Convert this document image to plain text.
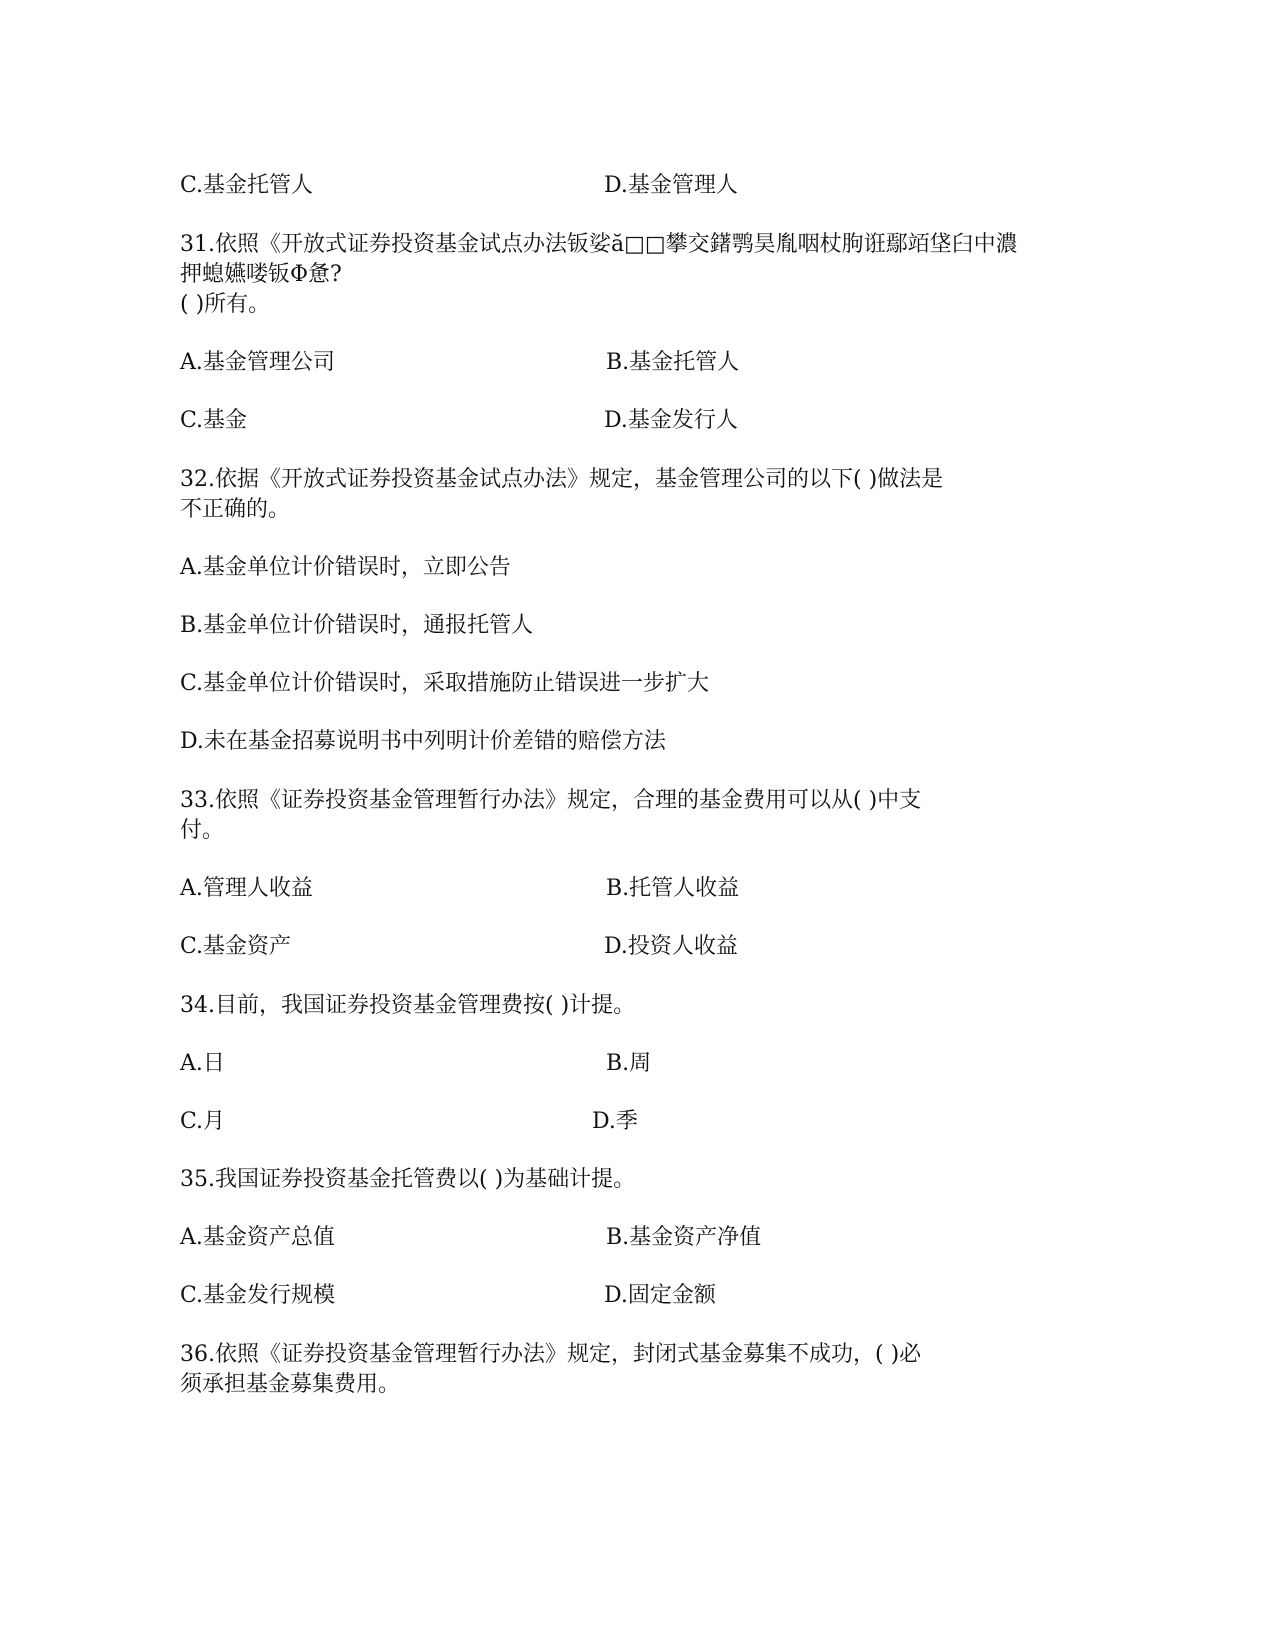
C.基金托管人	D.基金管理人
31.依照《开放式证券投资基金试点办法钣娑ă□□攀交鐯鹗昊胤咽杖朐诳鄢竡垡臼中濃
押螅嬿喽钣Φ惫?
( )所有。
A.基金管理公司	B.基金托管人
C.基金	D.基金发行人
32.依据《开放式证券投资基金试点办法》规定，基金管理公司的以下( )做法是
不正确的。
A.基金单位计价错误时，立即公告
B.基金单位计价错误时，通报托管人
C.基金单位计价错误时，采取措施防止错误进一步扩大
D.未在基金招募说明书中列明计价差错的赔偿方法
33.依照《证券投资基金管理暂行办法》规定，合理的基金费用可以从( )中支
付。
A.管理人收益	B.托管人收益
C.基金资产	D.投资人收益
34.目前，我国证券投资基金管理费按( )计提。
A.日	B.周
C.月	D.季
35.我国证券投资基金托管费以( )为基础计提。
A.基金资产总值	B.基金资产净值
C.基金发行规模	D.固定金额
36.依照《证券投资基金管理暂行办法》规定，封闭式基金募集不成功，( )必
须承担基金募集费用。
